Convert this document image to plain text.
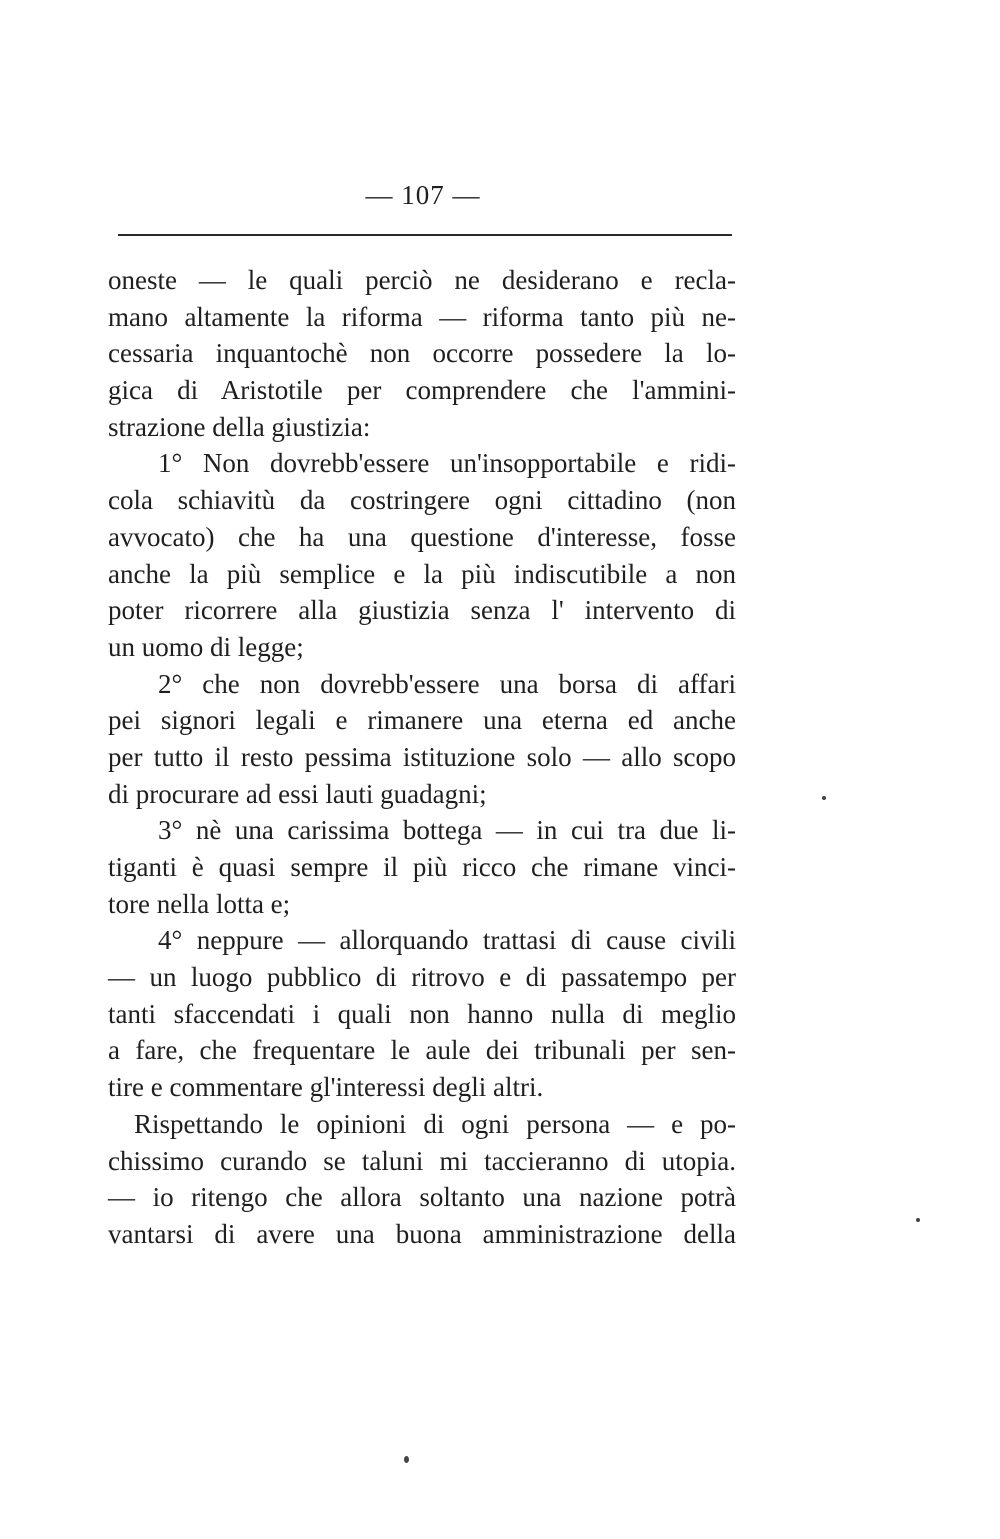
— 107 —
oneste — le quali perciò ne desiderano e recla-
mano altamente la riforma — riforma tanto più ne-
cessaria inquantochè non occorre possedere la lo-
gica di Aristotile per comprendere che l'ammini-
strazione della giustizia:
1° Non dovrebb'essere un'insopportabile e ridi-
cola schiavitù da costringere ogni cittadino (non
avvocato) che ha una questione d'interesse, fosse
anche la più semplice e la più indiscutibile a non
poter ricorrere alla giustizia senza l' intervento di
un uomo di legge;
2° che non dovrebb'essere una borsa di affari
pei signori legali e rimanere una eterna ed anche
per tutto il resto pessima istituzione solo — allo scopo
di procurare ad essi lauti guadagni;
3° nè una carissima bottega — in cui tra due li-
tiganti è quasi sempre il più ricco che rimane vinci-
tore nella lotta e;
4° neppure — allorquando trattasi di cause civili
— un luogo pubblico di ritrovo e di passatempo per
tanti sfaccendati i quali non hanno nulla di meglio
a fare, che frequentare le aule dei tribunali per sen-
tire e commentare gl'interessi degli altri.
Rispettando le opinioni di ogni persona — e po-
chissimo curando se taluni mi taccieranno di utopia.
— io ritengo che allora soltanto una nazione potrà
vantarsi di avere una buona amministrazione della
